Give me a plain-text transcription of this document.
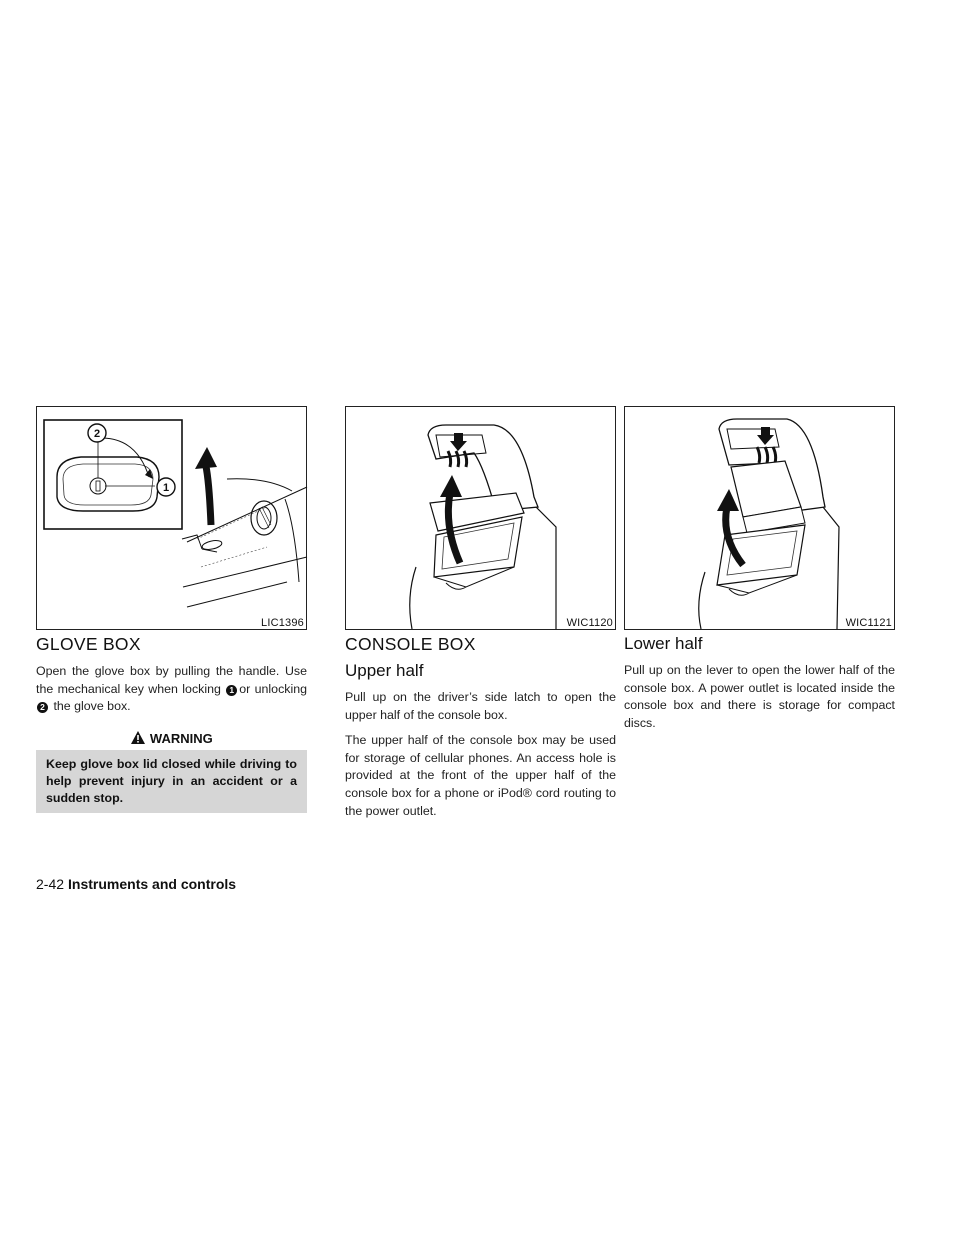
2
1
LIC1396	WIC1120	WIC1121
GLOVE BOX

Open the glove box by pulling the handle. Use the mechanical key when locking 1 or unlocking 2 the glove box.

WARNING
Keep glove box lid closed while driving to help prevent injury in an accident or a sudden stop.
CONSOLE BOX
Upper half

Pull up on the driver’s side latch to open the upper half of the console box.

The upper half of the console box may be used for storage of cellular phones. An access hole is provided at the front of the upper half of the console box for a phone or iPod® cord routing to the power outlet.

Lower half

Pull up on the lever to open the lower half of the console box. A power outlet is located inside the console box and there is storage for compact discs.

2-42 Instruments and controls
